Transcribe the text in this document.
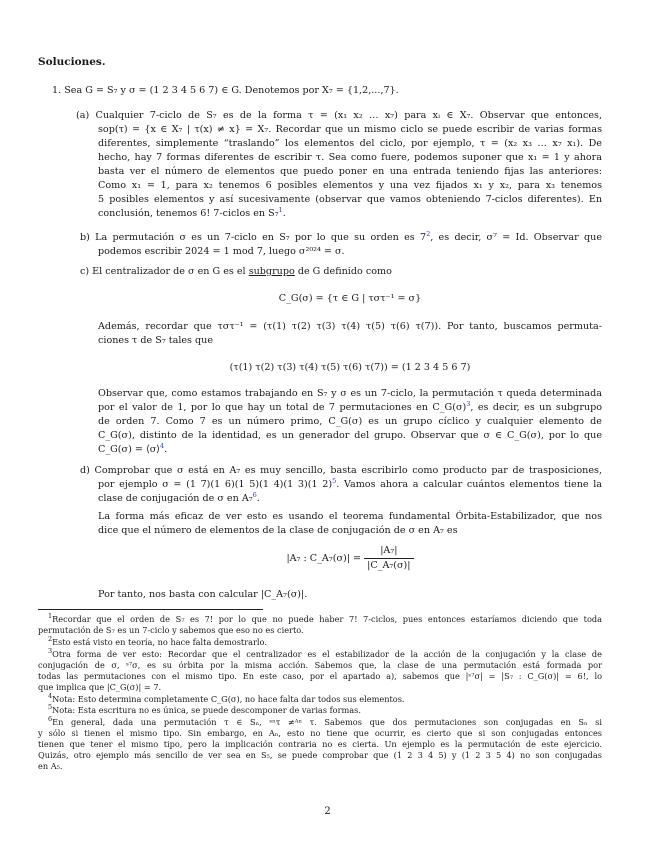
Soluciones.
1. Sea G = S₇ y σ = (1 2 3 4 5 6 7) ∈ G. Denotemos por X₇ = {1,2,...,7}.
(a) Cualquier 7-ciclo de S₇ es de la forma τ = (x₁ x₂ … x₇) para xᵢ ∈ X₇. Observar que entonces,
sop(τ) = {x ∈ X₇ | τ(x) ≠ x} = X₇. Recordar que un mismo ciclo se puede escribir de varias formas
diferentes, simplemente “traslando” los elementos del ciclo, por ejemplo, τ = (x₂ x₃ … x₇ x₁). De
hecho, hay 7 formas diferentes de escribir τ. Sea como fuere, podemos suponer que x₁ = 1 y ahora
basta ver el número de elementos que puedo poner en una entrada teniendo fijas las anteriores:
Como x₁ = 1, para x₂ tenemos 6 posibles elementos y una vez fijados x₁ y x₂, para x₃ tenemos
5 posibles elementos y así sucesivamente (observar que vamos obteniendo 7-ciclos diferentes). En
conclusión, tenemos 6! 7-ciclos en S₇$^1$.
b) La permutación σ es un 7-ciclo en S₇ por lo que su orden es 7$^2$, es decir, σ⁷ = Id. Observar que
podemos escribir 2024 = 1 mod 7, luego σ²⁰²⁴ = σ.
c) El centralizador de σ en G es el subgrupo de G definido como
C_G(σ) = {τ ∈ G | τστ⁻¹ = σ}
Además, recordar que τστ⁻¹ = (τ(1) τ(2) τ(3) τ(4) τ(5) τ(6) τ(7)). Por tanto, buscamos permuta-
ciones τ de S₇ tales que
(τ(1) τ(2) τ(3) τ(4) τ(5) τ(6) τ(7)) = (1 2 3 4 5 6 7)
Observar que, como estamos trabajando en S₇ y σ es un 7-ciclo, la permutación τ queda determinada
por el valor de 1, por lo que hay un total de 7 permutaciones en C_G(σ)$^3$, es decir, es un subgrupo
de orden 7. Como 7 es un número primo, C_G(σ) es un grupo cíclico y cualquier elemento de
C_G(σ), distinto de la identidad, es un generador del grupo. Observar que σ ∈ C_G(σ), por lo que
C_G(σ) = ⟨σ⟩$^4$.
d) Comprobar que σ está en A₇ es muy sencillo, basta escribirlo como producto par de trasposiciones,
por ejemplo σ = (1 7)(1 6)(1 5)(1 4)(1 3)(1 2)$^5$. Vamos ahora a calcular cuántos elementos tiene la
clase de conjugación de σ en A₇$^6$.
La forma más eficaz de ver esto es usando el teorema fundamental Órbita-Estabilizador, que nos
dice que el número de elementos de la clase de conjugación de σ en A₇ es
|A₇ : C_A₇(σ)| = $\frac{\text{|A₇|}}{\text{|C\_A₇(σ)|}}$
Por tanto, nos basta con calcular |C_A₇(σ)|.
$^1$Recordar que el orden de S₇ es 7! por lo que no puede haber 7! 7-ciclos, pues entonces estaríamos diciendo que toda
permutación de S₇ es un 7-ciclo y sabemos que eso no es cierto.
$^2$Esto está visto en teoría, no hace falta demostrarlo.
$^3$Otra forma de ver esto: Recordar que el centralizador es el estabilizador de la acción de la conjugación y la clase de
conjugación de σ, ˢ⁷σ, es su órbita por la misma acción. Sabemos que, la clase de una permutación está formada por
todas las permutaciones con el mismo tipo. En este caso, por el apartado a), sabemos que |ˢ⁷σ| = |S₇ : C_G(σ)| = 6!, lo
que implica que |C_G(σ)| = 7.
$^4$Nota: Esto determina completamente C_G(σ), no hace falta dar todos sus elementos.
$^5$Nota: Esta escritura no es única, se puede descomponer de varias formas.
$^6$En general, dada una permutación τ ∈ Sₙ, ˢⁿτ ≠ᴬⁿ τ. Sabemos que dos permutaciones son conjugadas en Sₙ si
y sólo si tienen el mismo tipo. Sin embargo, en Aₙ, esto no tiene que ocurrir, es cierto que si son conjugadas entonces
tienen que tener el mismo tipo, pero la implicación contraria no es cierta. Un ejemplo es la permutación de este ejercicio.
Quizás, otro ejemplo más sencillo de ver sea en S₅, se puede comprobar que (1 2 3 4 5) y (1 2 3 5 4) no son conjugadas
en A₅.
2
